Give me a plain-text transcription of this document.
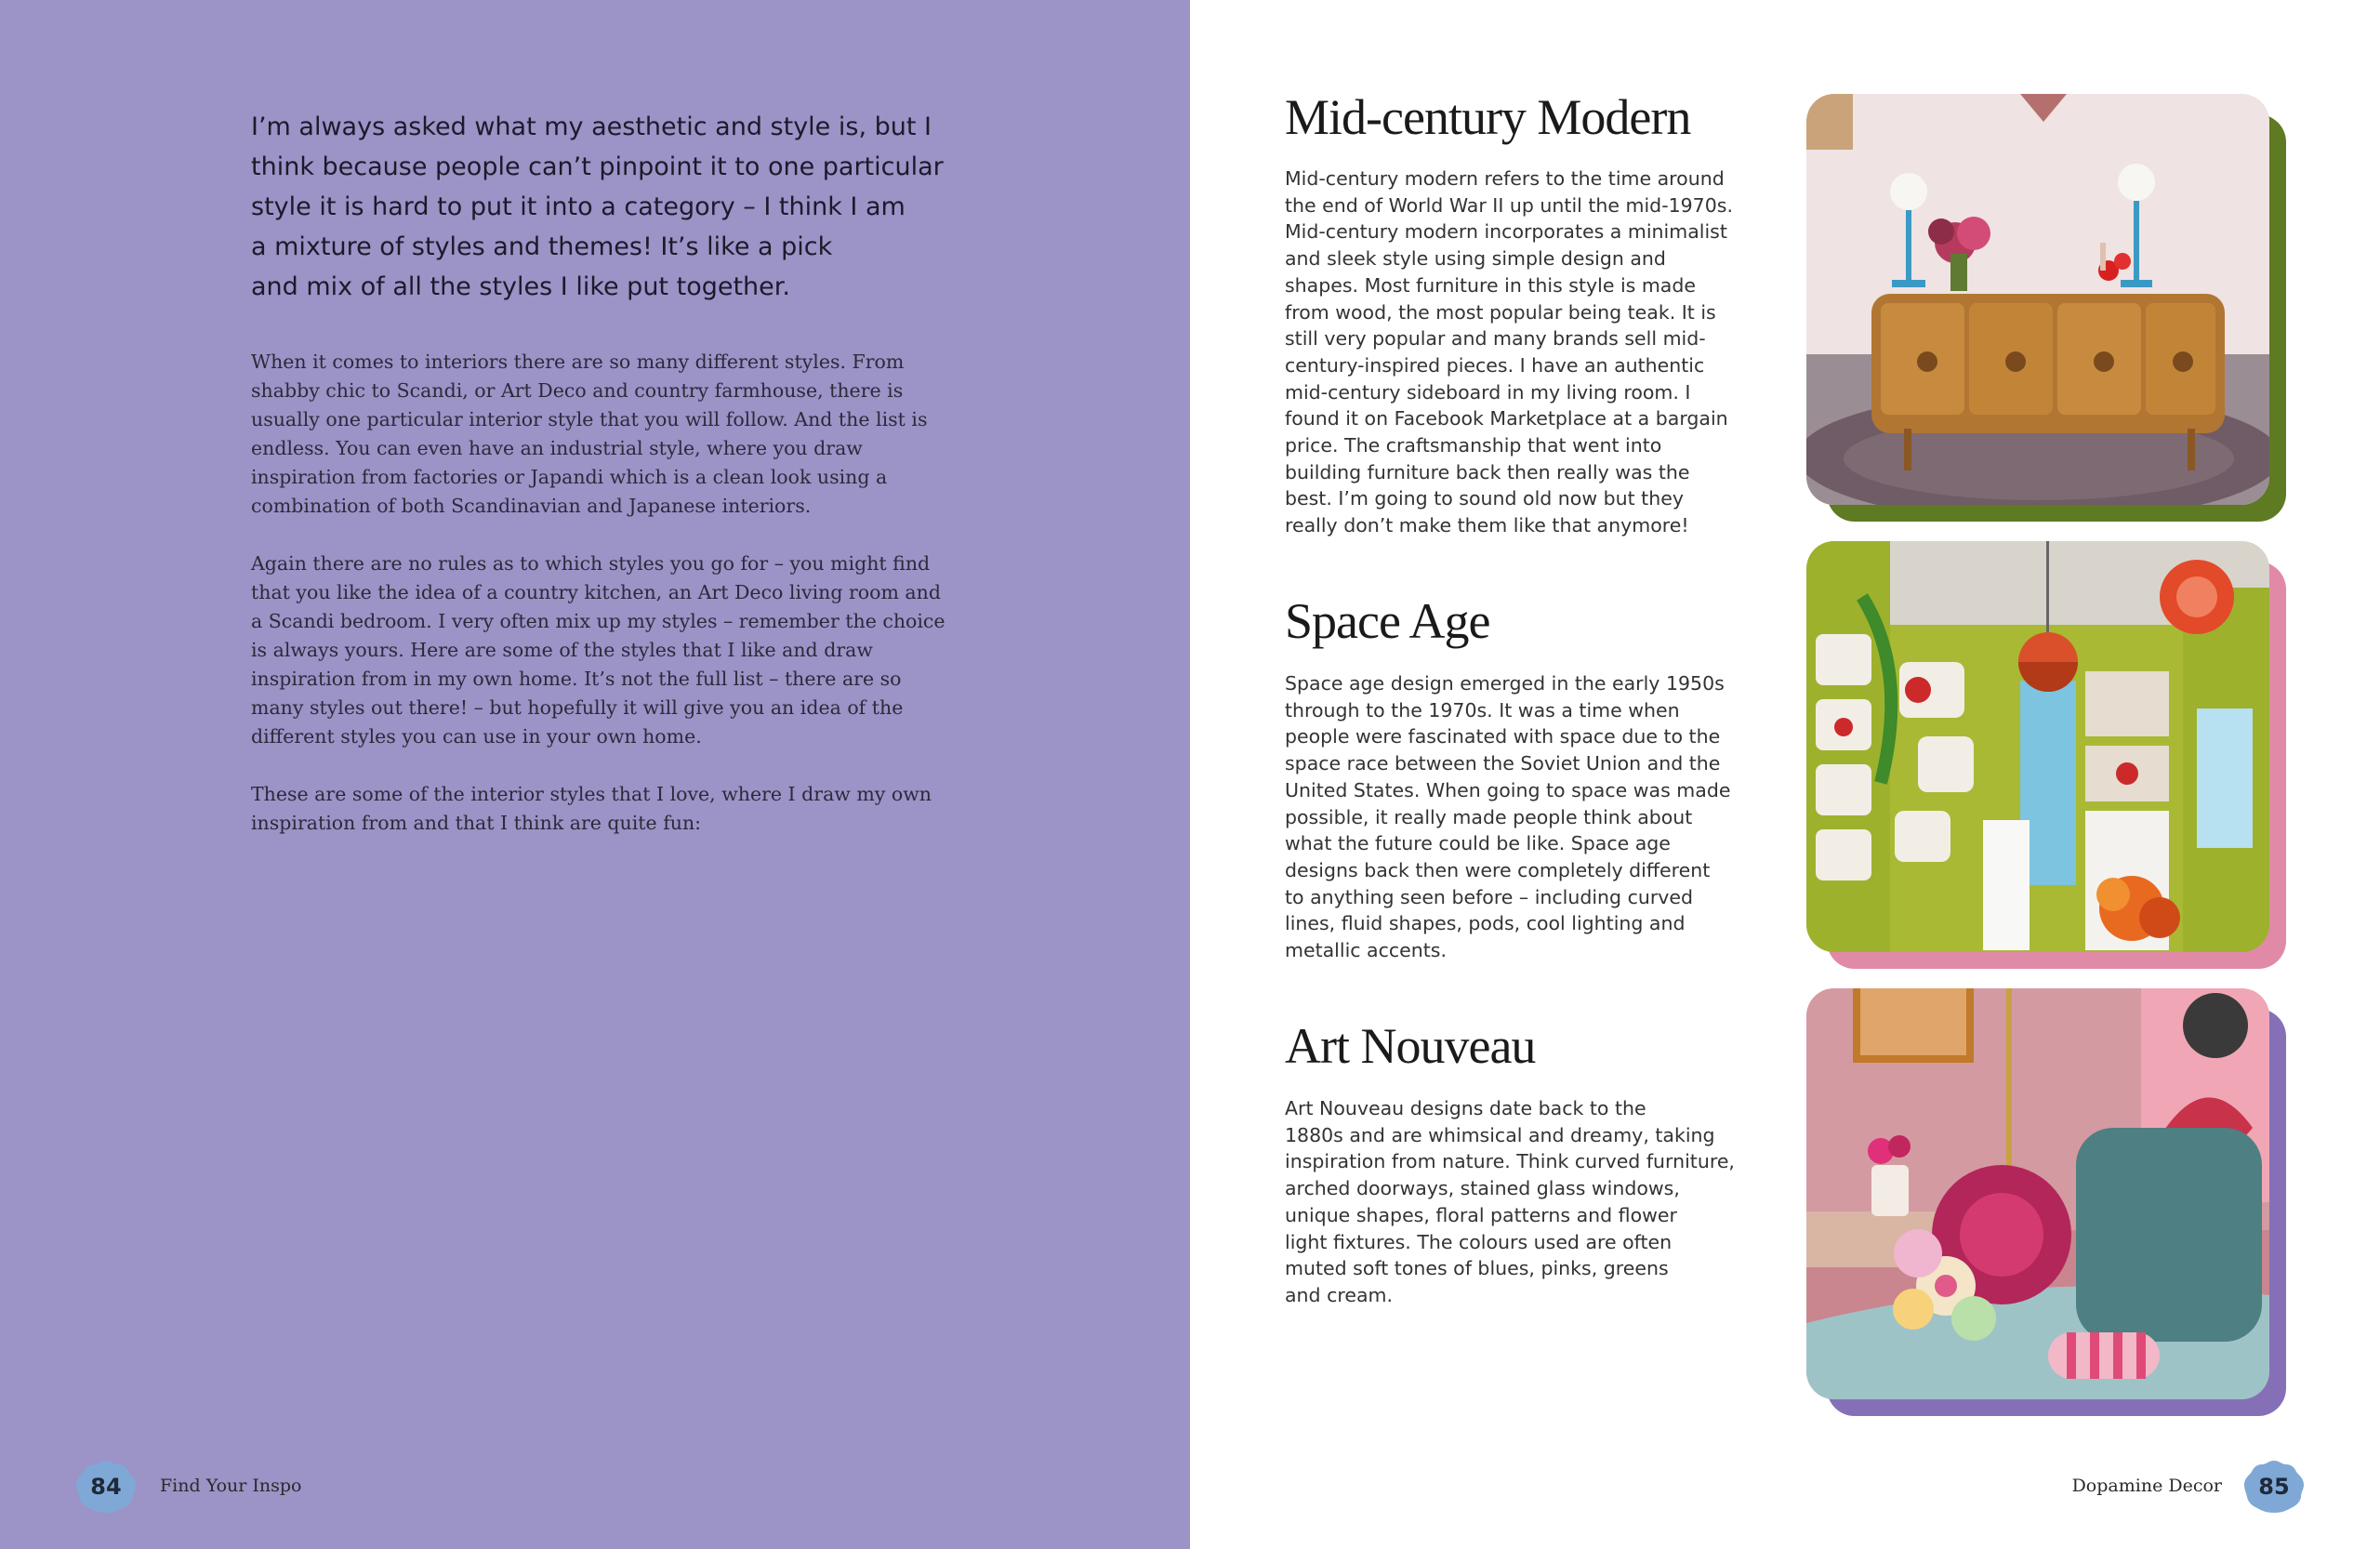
I’m always asked what my aesthetic and style is, but I
think because people can’t pinpoint it to one particular
style it is hard to put it into a category – I think I am
a mixture of styles and themes! It’s like a pick
and mix of all the styles I like put together.

When it comes to interiors there are so many different styles. From shabby chic to Scandi, or Art Deco and country farmhouse, there is usually one particular interior style that you will follow. And the list is endless. You can even have an industrial style, where you draw inspiration from factories or Japandi which is a clean look using a combination of both Scandinavian and Japanese interiors.

Again there are no rules as to which styles you go for – you might find that you like the idea of a country kitchen, an Art Deco living room and a Scandi bedroom. I very often mix up my styles – remember the choice is always yours. Here are some of the styles that I like and draw inspiration from in my own home. It’s not the full list – there are so many styles out there! – but hopefully it will give you an idea of the different styles you can use in your own home.

These are some of the interior styles that I love, where I draw my own inspiration from and that I think are quite fun:

84	Find Your Inspo
Mid-century Modern

Mid-century modern refers to the time around
the end of World War II up until the mid-1970s.
Mid-century modern incorporates a minimalist
and sleek style using simple design and
shapes. Most furniture in this style is made
from wood, the most popular being teak. It is
still very popular and many brands sell mid-
century-inspired pieces. I have an authentic
mid-century sideboard in my living room. I
found it on Facebook Marketplace at a bargain
price. The craftsmanship that went into
building furniture back then really was the
best. I’m going to sound old now but they
really don’t make them like that anymore!

Space Age

Space age design emerged in the early 1950s
through to the 1970s. It was a time when
people were fascinated with space due to the
space race between the Soviet Union and the
United States. When going to space was made
possible, it really made people think about
what the future could be like. Space age
designs back then were completely different
to anything seen before – including curved
lines, fluid shapes, pods, cool lighting and
metallic accents.

Art Nouveau

Art Nouveau designs date back to the
1880s and are whimsical and dreamy, taking
inspiration from nature. Think curved furniture,
arched doorways, stained glass windows,
unique shapes, floral patterns and flower
light fixtures. The colours used are often
muted soft tones of blues, pinks, greens
and cream.

Dopamine Decor	85
